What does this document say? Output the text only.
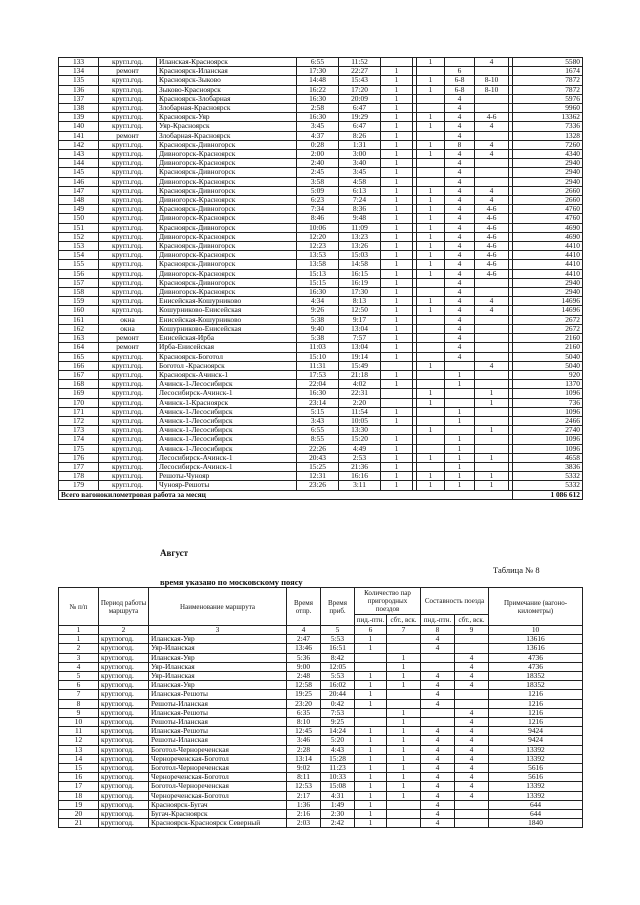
133	кругл.год.	Иланская-Красноярск	6:55	11:52			1		4		5580
134	ремонт	Красноярск-Иланская	17:30	22:27	1			6			1674
135	кругл.год.	Красноярск-Зыково	14:48	15:43	1		1	6-8	8-10		7872
136	кругл.год.	Зыково-Красноярск	16:22	17:20	1		1	6-8	8-10		7872
137	кругл.год.	Красноярск-Злобарная	16:30	20:09	1			4			5976
138	кругл.год.	Злобарная-Красноярск	2:58	6:47	1			4			9960
139	кругл.год.	Красноярск-Уяр	16:30	19:29	1		1	4	4-6		13362
140	кругл.год.	Уяр-Красноярск	3:45	6:47	1		1	4	4		7336
141	ремонт	Злобарная-Красноярск	4:37	8:26	1			4			1328
142	кругл.год.	Красноярск-Дивногорск	0:28	1:31	1		1	8	4		7260
143	кругл.год.	Дивногорск-Красноярск	2:00	3:00	1		1	4	4		4340
144	кругл.год.	Дивногорск-Красноярск	2:40	3:40	1			4			2940
145	кругл.год.	Красноярск-Дивногорск	2:45	3:45	1			4			2940
146	кругл.год.	Дивногорск-Красноярск	3:58	4:58	1			4			2940
147	кругл.год.	Красноярск-Дивногорск	5:09	6:13	1		1	4	4		2660
148	кругл.год.	Дивногорск-Красноярск	6:23	7:24	1		1	4	4		2660
149	кругл.год.	Красноярск-Дивногорск	7:34	8:36	1		1	4	4-6		4760
150	кругл.год.	Дивногорск-Красноярск	8:46	9:48	1		1	4	4-6		4760
151	кругл.год.	Красноярск-Дивногорск	10:06	11:09	1		1	4	4-6		4690
152	кругл.год.	Дивногорск-Красноярск	12:20	13:23	1		1	4	4-6		4690
153	кругл.год.	Красноярск-Дивногорск	12:23	13:26	1		1	4	4-6		4410
154	кругл.год.	Дивногорск-Красноярск	13:53	15:03	1		1	4	4-6		4410
155	кругл.год.	Красноярск-Дивногорск	13:58	14:58	1		1	4	4-6		4410
156	кругл.год.	Дивногорск-Красноярск	15:13	16:15	1		1	4	4-6		4410
157	кругл.год.	Красноярск-Дивногорск	15:15	16:19	1			4			2940
158	кругл.год.	Дивногорск-Красноярск	16:30	17:30	1			4			2940
159	кругл.год.	Енисейская-Кошурниково	4:34	8:13	1		1	4	4		14696
160	кругл.год.	Кошурниково-Енисейская	9:26	12:50	1		1	4	4		14696
161	окна	Енисейская-Кошурниково	5:38	9:17	1			4			2672
162	окна	Кошурниково-Енисейская	9:40	13:04	1			4			2672
163	ремонт	Енисейская-Ирба	5:38	7:57	1			4			2160
164	ремонт	Ирба-Енисейская	11:03	13:04	1			4			2160
165	кругл.год.	Красноярск-Боготол	15:10	19:14	1			4			5040
166	кругл.год.	Боготол -Красноярск	11:31	15:49			1		4		5040
167	кругл.год.	Красноярск-Ачинск-1	17:53	21:18	1			1			920
168	кругл.год.	Ачинск-1-Лесосибирск	22:04	4:02	1			1			1370
169	кругл.год.	Лесосибирск-Ачинск-1	16:30	22:31			1		1		1096
170	кругл.год.	Ачинск-1-Красноярск	23:14	2:20			1		1		736
171	кругл.год.	Ачинск-1-Лесосибирск	5:15	11:54	1			1			1096
172	кругл.год.	Ачинск-1-Лесосибирск	3:43	10:05	1			1			2466
173	кругл.год.	Ачинск-1-Лесосибирск	6:55	13:30			1		1		2740
174	кругл.год.	Ачинск-1-Лесосибирск	8:55	15:20	1			1			1096
175	кругл.год.	Ачинск-1-Лесосибирск	22:26	4:49	1			1			1096
176	кругл.год.	Лесосибирск-Ачинск-1	20:43	2:53	1		1	1	1		4658
177	кругл.год.	Лесосибирск-Ачинск-1	15:25	21:36	1			1			3836
178	кругл.год.	Решоты-Чунояр	12:31	16:16	1		1	1	1		5332
179	кругл.год.	Чунояр-Решоты	23:26	3:11	1		1	1	1		5332
Всего вагонокилометровая работа за месяц											1 086 612
Август
Таблица № 8
время указано по московскому поясу
№ п/п	Период работы маршрута	Наименование маршрута	Время отпр.	Время приб.	Количество пар пригородных поездов		Составность поезда		Примечание (вагоно-километры)
					пид.-птн.	сбт., вск.	пнд.-птн.	сбт., вск.	
1	2	3	4	5	6	7	8	9	10
1	круглогод.	Иланская-Уяр	2:47	5:53	1		4		13616
2	круглогод.	Уяр-Иланская	13:46	16:51	1		4		13616
3	круглогод.	Иланская-Уяр	5:36	8:42		1		4	4736
4	круглогод.	Уяр-Иланская	9:00	12:05		1		4	4736
5	круглогод.	Уяр-Иланская	2:48	5:53	1	1	4	4	18352
6	круглогод.	Иланская-Уяр	12:58	16:02	1	1	4	4	18352
7	круглогод.	Иланская-Решоты	19:25	20:44	1		4		1216
8	круглогод.	Решоты-Иланская	23:20	0:42	1		4		1216
9	круглогод.	Иланская-Решоты	6:35	7:53		1		4	1216
10	круглогод.	Решоты-Иланская	8:10	9:25		1		4	1216
11	круглогод.	Иланская-Решоты	12:45	14:24	1	1	4	4	9424
12	круглогод.	Решоты-Иланская	3:46	5:20	1	1	4	4	9424
13	круглогод.	Боготол-Чернореченская	2:28	4:43	1	1	4	4	13392
14	круглогод.	Чернореченская-Боготол	13:14	15:28	1	1	4	4	13392
15	круглогод.	Боготол-Чернореченская	9:02	11:23	1	1	4	4	5616
16	круглогод.	Чернореченская-Боготол	8:11	10:33	1	1	4	4	5616
17	круглогод.	Боготол-Чернореченская	12:53	15:08	1	1	4	4	13392
18	круглогод.	Чернореченская-Боготол	2:17	4:31	1	1	4	4	13392
19	круглогод.	Красноярск-Бугач	1:36	1:49	1		4		644
20	круглогод.	Бугач-Красноярск	2:16	2:30	1		4		644
21	круглогод.	Красноярск-Красноярск Северный	2:03	2:42	1		4		1840
